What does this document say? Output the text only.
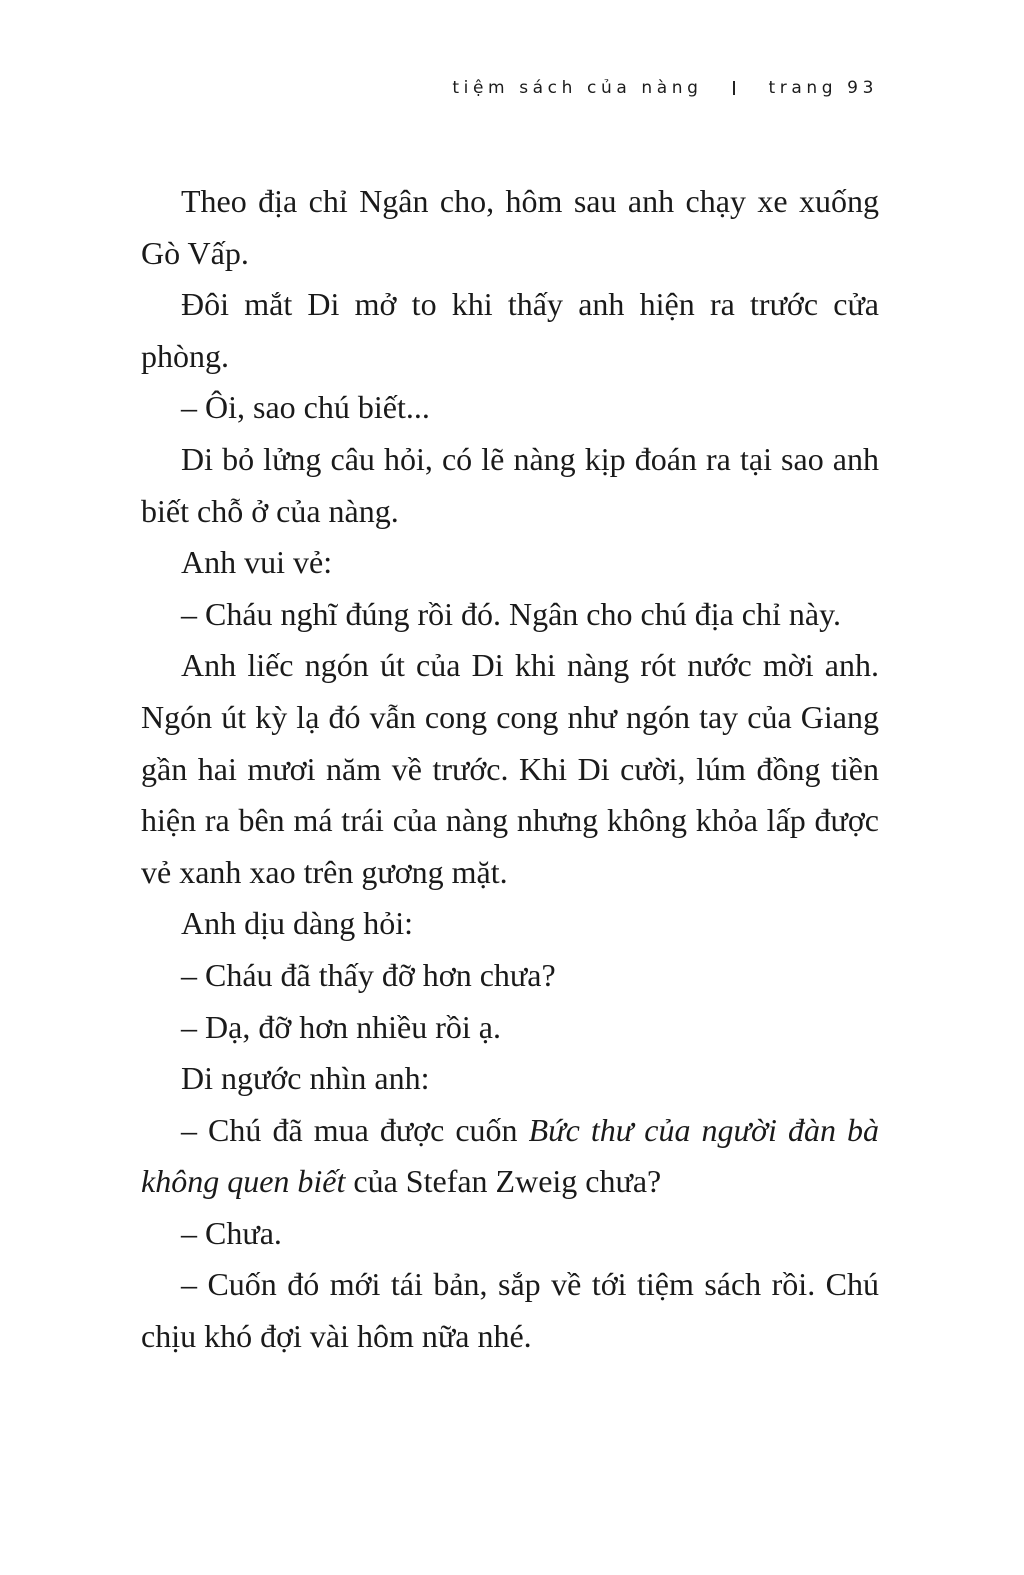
tiệm sách của nàng	trang 93

Theo địa chỉ Ngân cho, hôm sau anh chạy xe xuống Gò Vấp.

Đôi mắt Di mở to khi thấy anh hiện ra trước cửa phòng.

– Ôi, sao chú biết...

Di bỏ lửng câu hỏi, có lẽ nàng kịp đoán ra tại sao anh biết chỗ ở của nàng.

Anh vui vẻ:

– Cháu nghĩ đúng rồi đó. Ngân cho chú địa chỉ này.

Anh liếc ngón út của Di khi nàng rót nước mời anh. Ngón út kỳ lạ đó vẫn cong cong như ngón tay của Giang gần hai mươi năm về trước. Khi Di cười, lúm đồng tiền hiện ra bên má trái của nàng nhưng không khỏa lấp được vẻ xanh xao trên gương mặt.

Anh dịu dàng hỏi:

– Cháu đã thấy đỡ hơn chưa?

– Dạ, đỡ hơn nhiều rồi ạ.

Di ngước nhìn anh:

– Chú đã mua được cuốn Bức thư của người đàn bà không quen biết của Stefan Zweig chưa?

– Chưa.

– Cuốn đó mới tái bản, sắp về tới tiệm sách rồi. Chú chịu khó đợi vài hôm nữa nhé.
